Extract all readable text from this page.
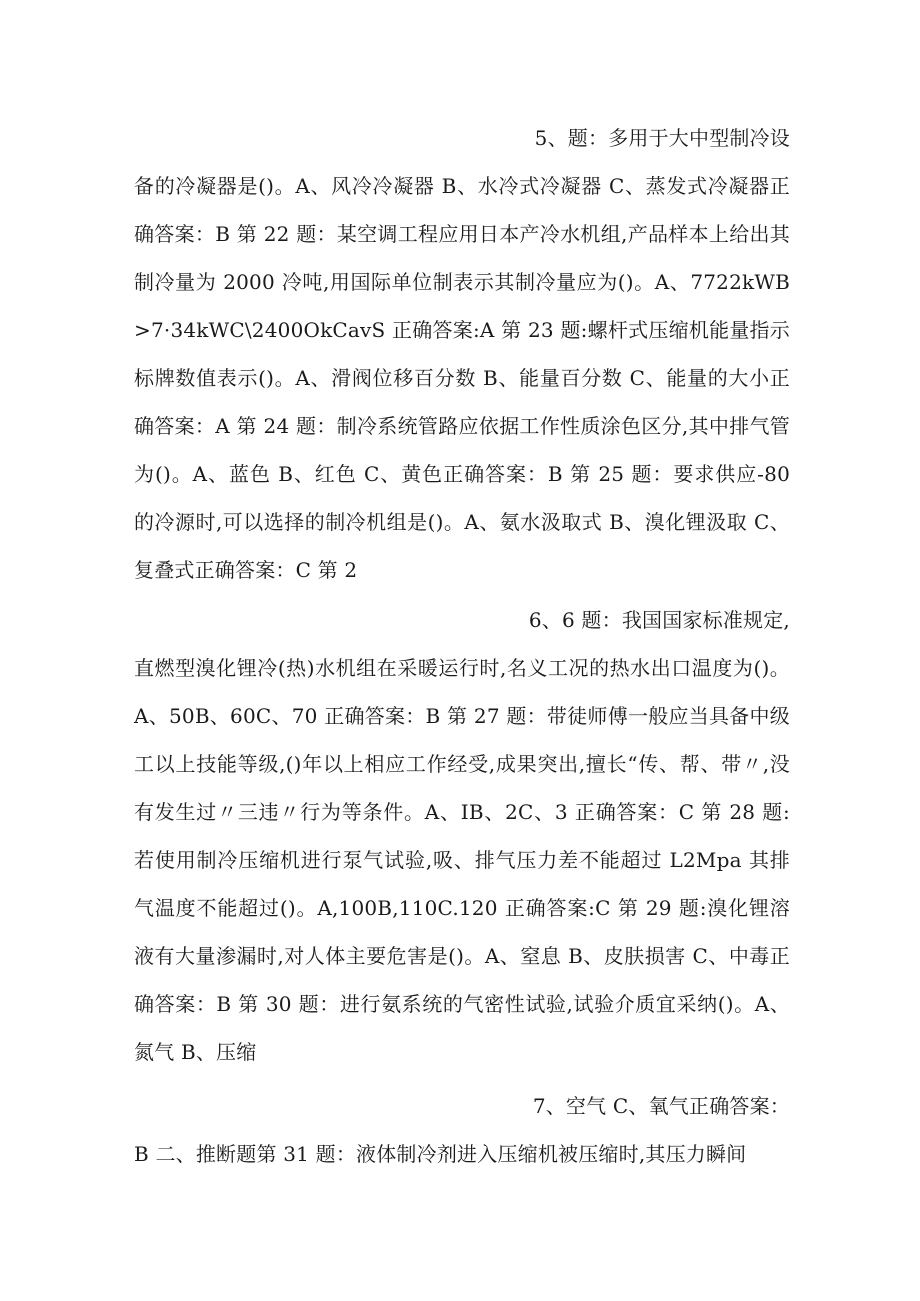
5、题：多用于大中型制冷设
备的冷凝器是()。A、风冷冷凝器 B、水冷式冷凝器 C、蒸发式冷凝器正确答案：B 第 22 题：某空调工程应用日本产冷水机组,产品样本上给出其制冷量为 2000 冷吨,用国际单位制表示其制冷量应为()。A、7722kWB>7·34kWC\2400OkCavS 正确答案:A 第 23 题:螺杆式压缩机能量指示标牌数值表示()。A、滑阀位移百分数 B、能量百分数 C、能量的大小正确答案：A 第 24 题：制冷系统管路应依据工作性质涂色区分,其中排气管为()。A、蓝色 B、红色 C、黄色正确答案：B 第 25 题：要求供应-80 的冷源时,可以选择的制冷机组是()。A、氨水汲取式 B、溴化锂汲取 C、复叠式正确答案：C 第 2

6、6 题：我国国家标准规定,
直燃型溴化锂冷(热)水机组在采暖运行时,名义工况的热水出口温度为()。A、50B、60C、70 正确答案：B 第 27 题：带徒师傅一般应当具备中级工以上技能等级,()年以上相应工作经受,成果突出,擅长“传、帮、带〃,没有发生过〃三违〃行为等条件。A、IB、2C、3 正确答案：C 第 28 题:若使用制冷压缩机进行泵气试验,吸、排气压力差不能超过 L2Mpa 其排气温度不能超过()。A,100B,110C.120 正确答案:C 第 29 题:溴化锂溶液有大量渗漏时,对人体主要危害是()。A、窒息 B、皮肤损害 C、中毒正确答案：B 第 30 题：进行氨系统的气密性试验,试验介质宜采纳()。A、氮气 B、压缩

7、空气 C、氧气正确答案：
B 二、推断题第 31 题：液体制冷剂进入压缩机被压缩时,其压力瞬间
